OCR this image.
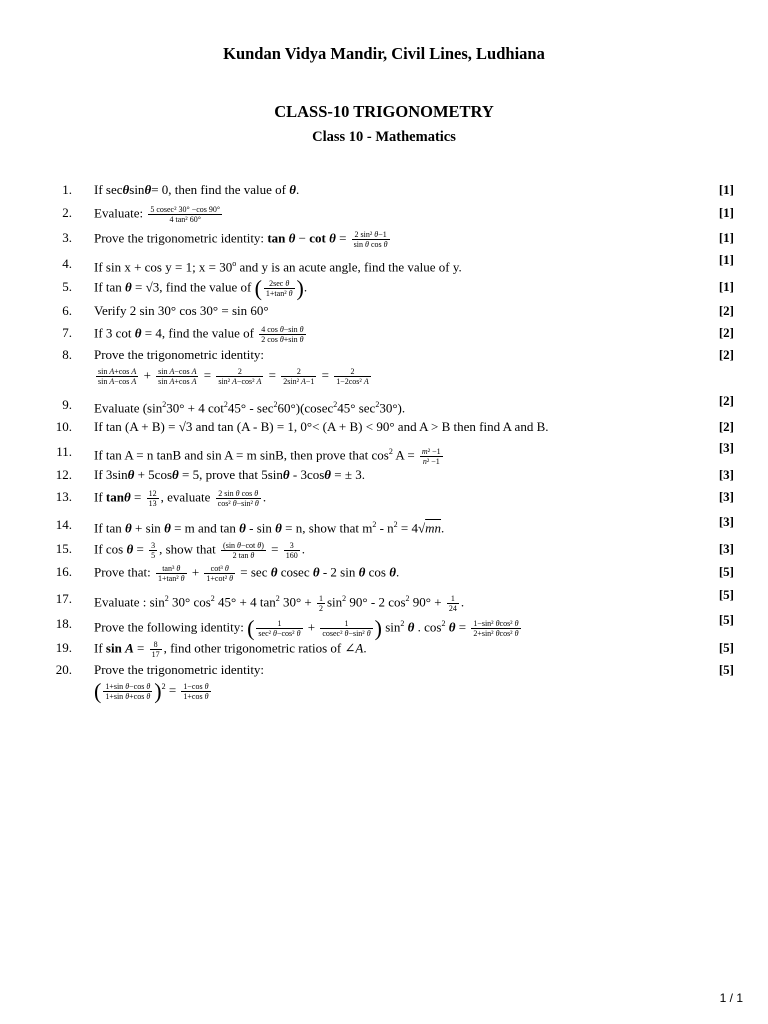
Kundan Vidya Mandir, Civil Lines, Ludhiana
CLASS-10 TRIGONOMETRY
Class 10 - Mathematics
1. If secθsinθ= 0, then find the value of θ.	[1]
2. Evaluate: $\frac{\text{5 cosec² 30° −cos 90°}}{\text{4 tan² 60°}}$	[1]
3. Prove the trigonometric identity: $\tan \theta - \cot \theta = \frac{\text{2 sin² θ−1}}{\text{sin θ cos θ}}$	[1]
4. If sin x + cos y = 1; $x = 30^o$ and y is an acute angle, find the value of y.	[1]
5. If tan θ = √3, find the value of ( $\frac{\text{2sec θ}}{\text{1+tan² θ}}$ ).	[1]
6. Verify 2 sin 30° cos 30° = sin 60°	[2]
7. If 3 cot θ = 4, find the value of $\frac{\text{4 cos θ−sin θ}}{\text{2 cos θ+sin θ}}$	[2]
8. Prove the trigonometric identity:	[2]
$\frac{\text{sin A+cos A}}{\text{sin A−cos A}} + \frac{\text{sin A−cos A}}{\text{sin A+cos A}} = \frac{2}{\text{sin² A−cos² A}} = \frac{2}{\text{2sin² A−1}} = \frac{2}{\text{1−2cos² A}}$
9. Evaluate ($\sin^230^\circ + 4$ $\cot^245^\circ - \sec^260^\circ)(cosec^245^\circ$ $\sec^230^\circ$).	[2]
10. If tan (A + B) = √3 and tan (A - B) = 1, 0°< (A + B) < 90° and A > B then find A and B.	[2]
11. If tan A = n tanB and sin A = m sinB, then prove that $\cos^2 A = \frac{\text{m² −1}}{\text{n² −1}}$	[3]
12. If 3sinθ + 5cosθ = 5, prove that 5sinθ - 3cosθ = ± 3.	[3]
13. If $\tan\theta = \frac{12}{13}$ , evaluate $\frac{\text{2 sin θ cos θ}}{\text{cos² θ−sin² θ}}$ .	[3]
14. If tan θ + sin θ = m and tan θ - sin θ = n, show that $m^2 - n^2 = 4√mn$.	[3]
15. If $\cos \theta = \frac{3}{5}$ , show that $\frac{\text{(sin θ−cot θ)}}{\text{2 tan θ}} = \frac{3}{160}$ .	[3]
16. Prove that: $\frac{\text{tan³ θ}}{\text{1+tan² θ}} + \frac{\text{cot³ θ}}{\text{1+cot² θ}} = \sec \theta$ cosec θ - 2 sin θ cos θ.	[5]
17. Evaluate : $\sin^2 30^\circ$ $\cos^2 45^\circ + 4$ $\tan^2 30^\circ + \frac{1}{2} \sin^2 90^\circ - 2$ $\cos^2 90^\circ + \frac{1}{24}$ .	[5]
18. Prove the following identity: ( $\frac{1}{\text{sec² θ−cos² θ}} + \frac{1}{\text{cosec² θ−sin² θ}}$ ) $\sin^2 \theta$ . $\cos^2 \theta = \frac{\text{1−sin² θcos² θ}}{\text{2+sin² θcos² θ}}$	[5]
19. If $\sin A = \frac{8}{17}$ , find other trigonometric ratios of ∠A.	[5]
20. Prove the trigonometric identity:	[5]
( $\frac{\text{1+sin θ−cos θ}}{\text{1+sin θ+cos θ}} )^2 = \frac{\text{1−cos θ}}{\text{1+cos θ}}$
1 / 1
